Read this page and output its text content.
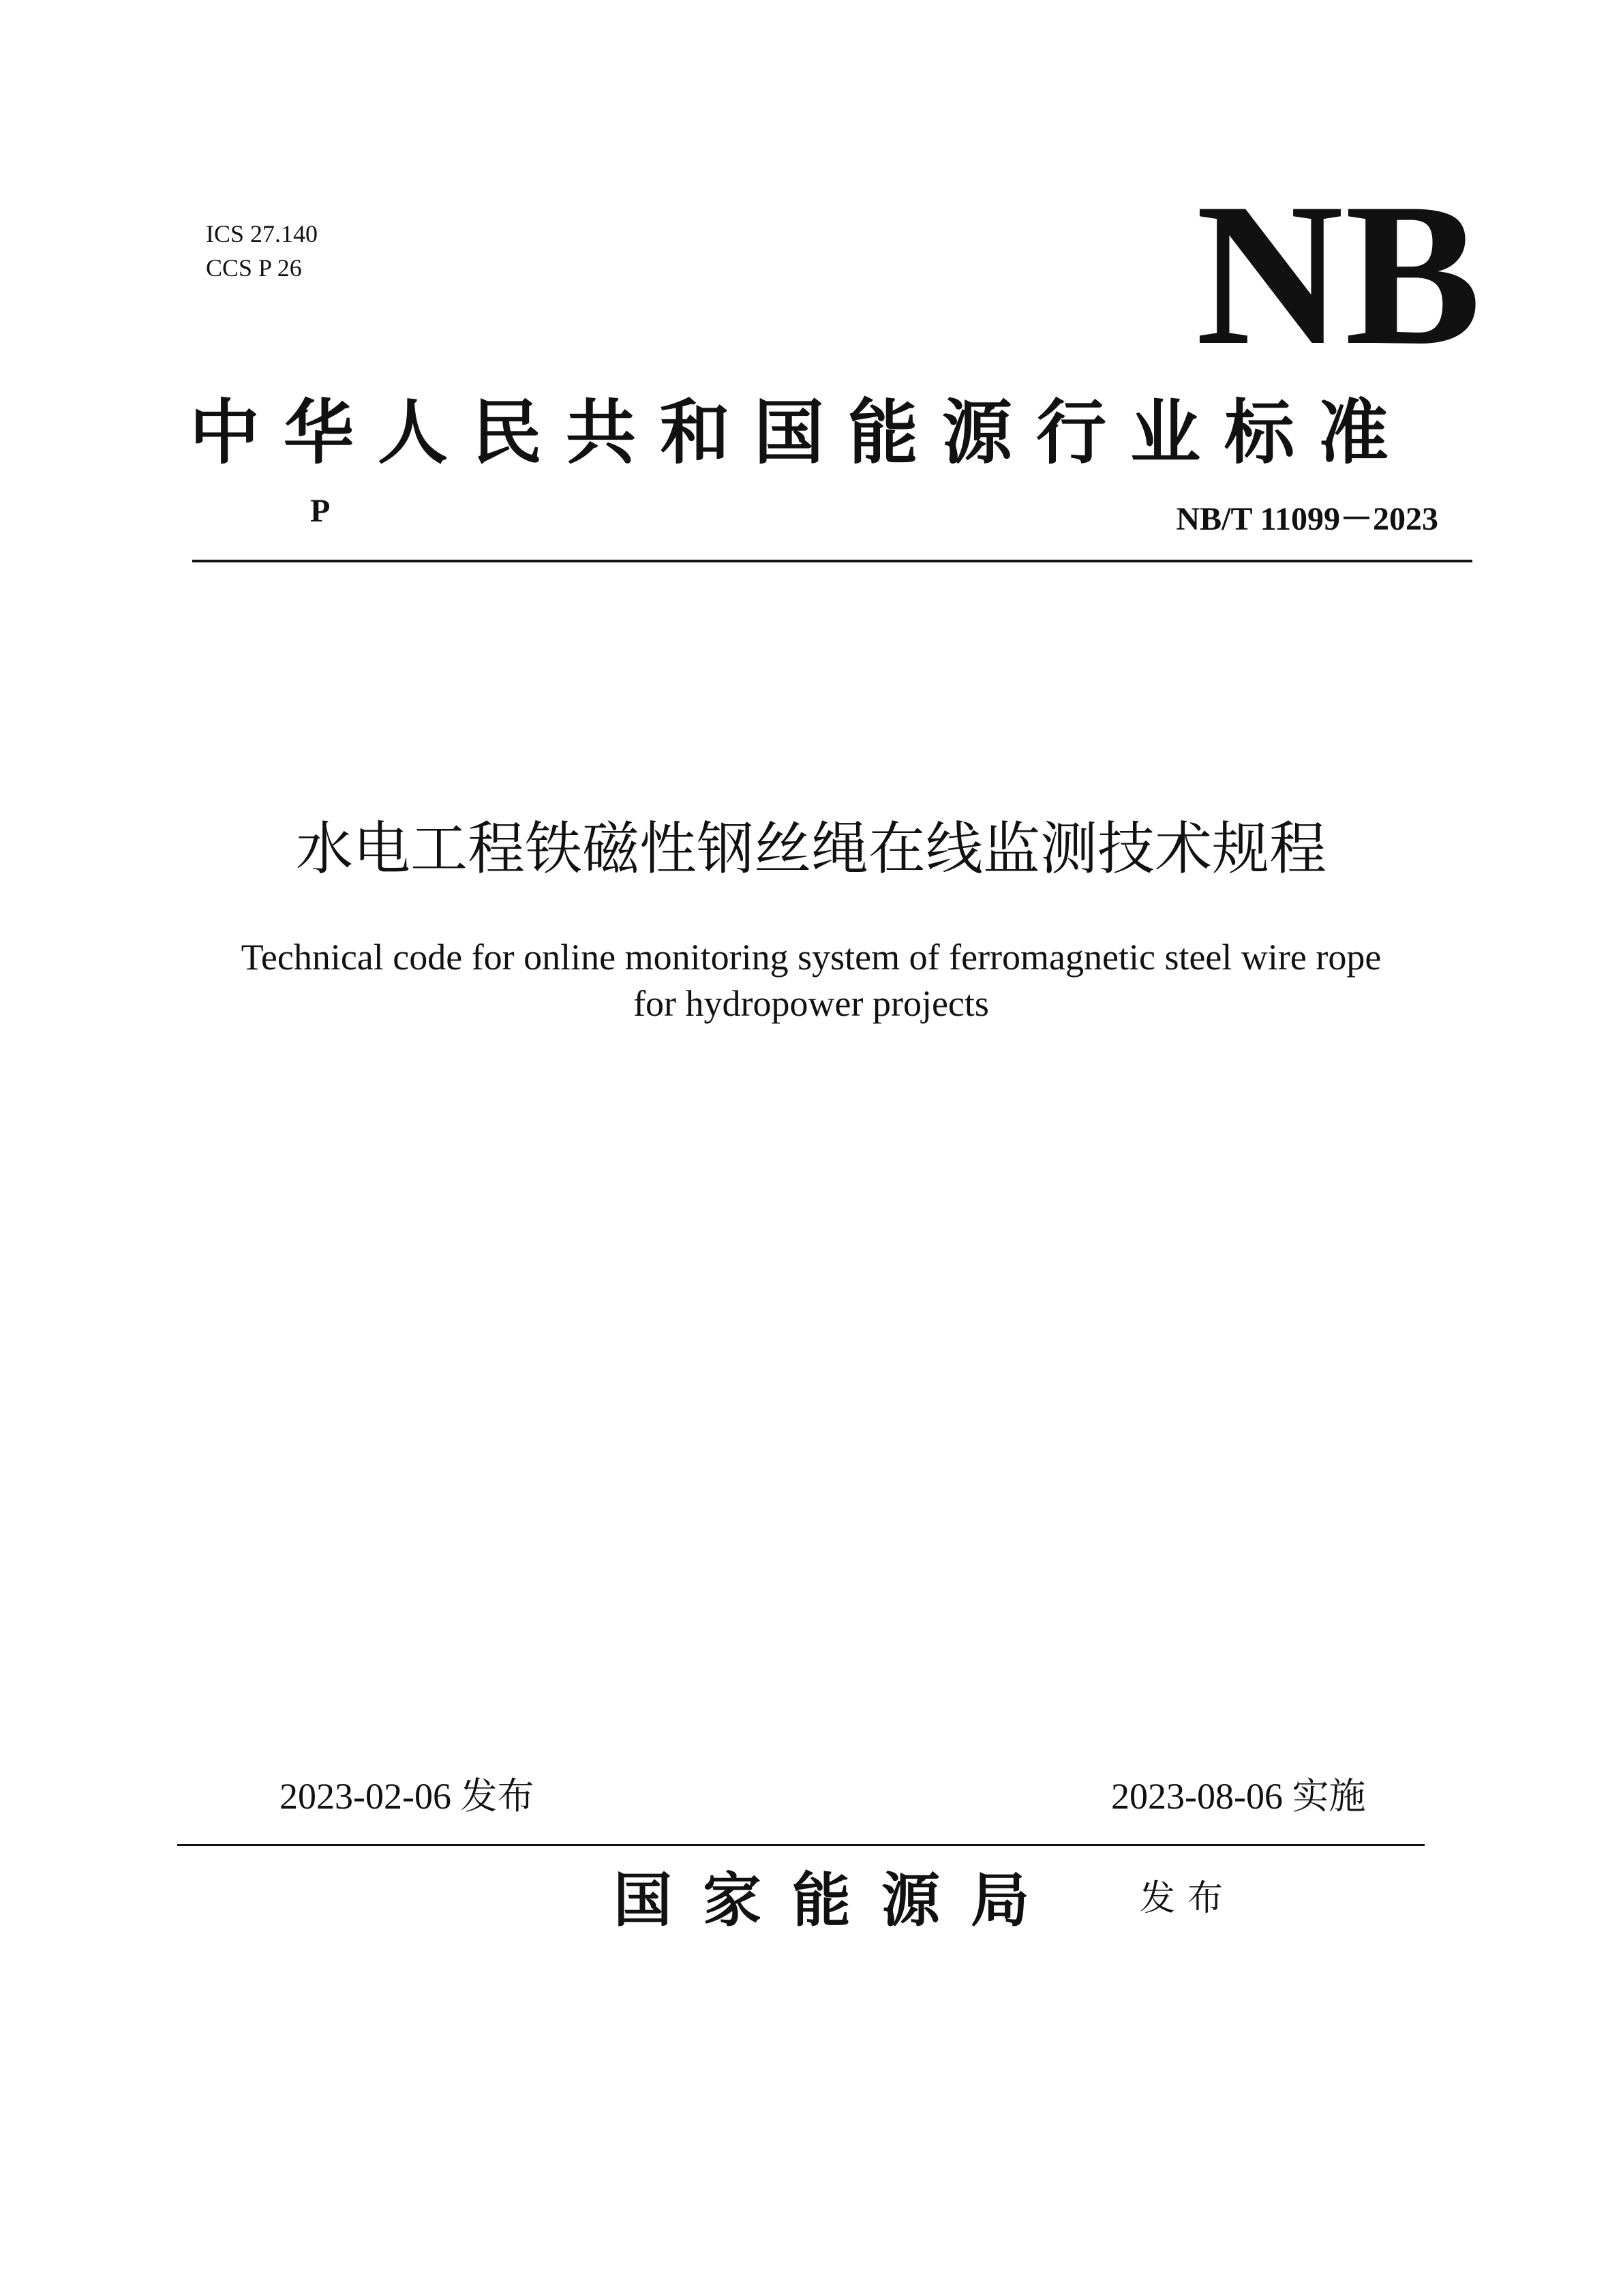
ICS 27.140
CCS P 26	NB
中华人民共和国能源行业标准
P	NB/T 11099－2023
水电工程铁磁性钢丝绳在线监测技术规程
Technical code for online monitoring system of ferromagnetic steel wire rope
for hydropower projects
2023-02-06 发布	2023-08-06 实施
国家能源局 发布
